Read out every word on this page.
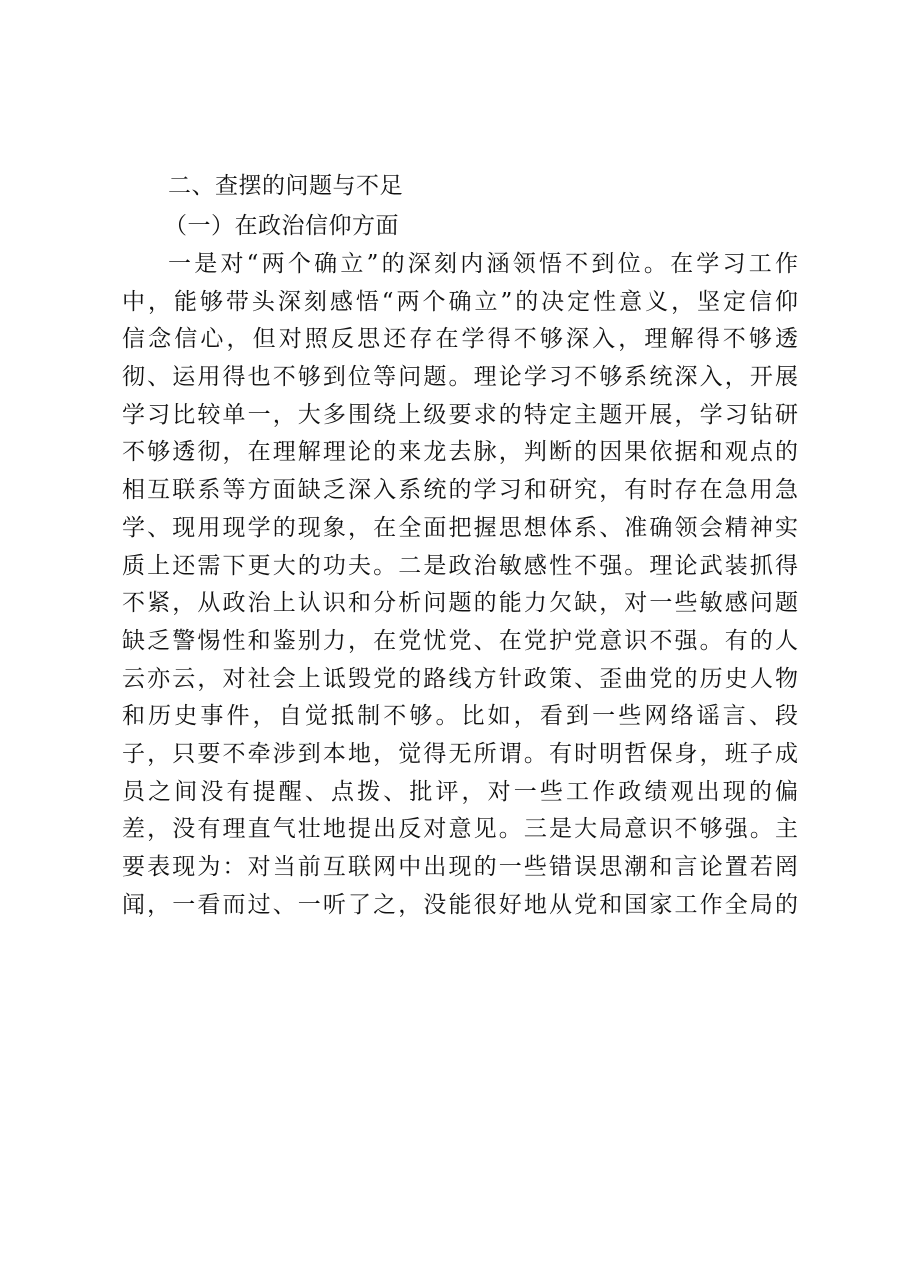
二、查摆的问题与不足

（一）在政治信仰方面

一是对“两个确立”的深刻内涵领悟不到位。在学习工作

中，能够带头深刻感悟“两个确立”的决定性意义，坚定信仰

信念信心，但对照反思还存在学得不够深入，理解得不够透

彻、运用得也不够到位等问题。理论学习不够系统深入，开展

学习比较单一，大多围绕上级要求的特定主题开展，学习钻研

不够透彻，在理解理论的来龙去脉，判断的因果依据和观点的

相互联系等方面缺乏深入系统的学习和研究，有时存在急用急

学、现用现学的现象，在全面把握思想体系、准确领会精神实

质上还需下更大的功夫。二是政治敏感性不强。理论武装抓得

不紧，从政治上认识和分析问题的能力欠缺，对一些敏感问题

缺乏警惕性和鉴别力，在党忧党、在党护党意识不强。有的人

云亦云，对社会上诋毁党的路线方针政策、歪曲党的历史人物

和历史事件，自觉抵制不够。比如，看到一些网络谣言、段

子，只要不牵涉到本地，觉得无所谓。有时明哲保身，班子成

员之间没有提醒、点拨、批评，对一些工作政绩观出现的偏

差，没有理直气壮地提出反对意见。三是大局意识不够强。主

要表现为：对当前互联网中出现的一些错误思潮和言论置若罔

闻，一看而过、一听了之，没能很好地从党和国家工作全局的
